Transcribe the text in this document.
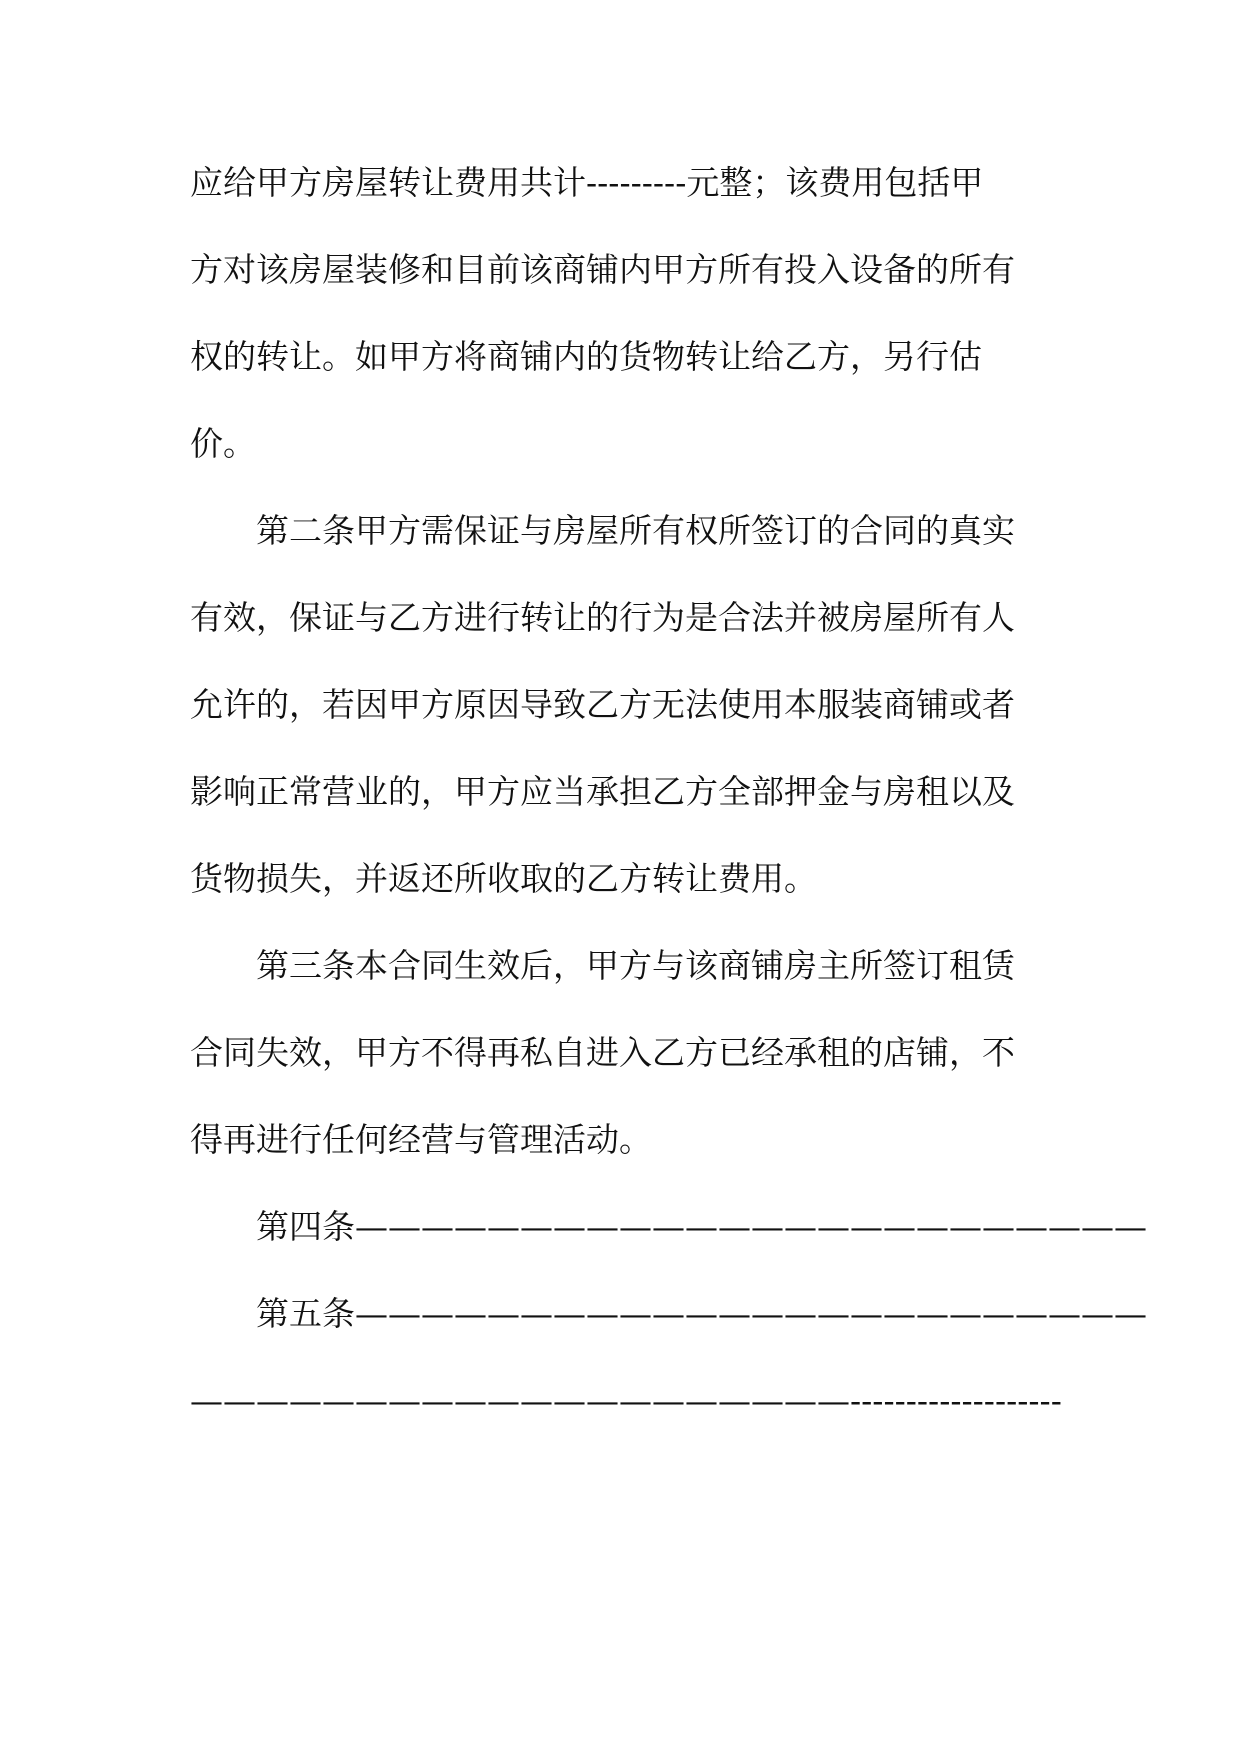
应给甲方房屋转让费用共计---------元整；该费用包括甲
方对该房屋装修和目前该商铺内甲方所有投入设备的所有
权的转让。如甲方将商铺内的货物转让给乙方，另行估
价。
第二条甲方需保证与房屋所有权所签订的合同的真实
有效，保证与乙方进行转让的行为是合法并被房屋所有人
允许的，若因甲方原因导致乙方无法使用本服装商铺或者
影响正常营业的，甲方应当承担乙方全部押金与房租以及
货物损失，并返还所收取的乙方转让费用。
第三条本合同生效后，甲方与该商铺房主所签订租赁
合同失效，甲方不得再私自进入乙方已经承租的店铺，不
得再进行任何经营与管理活动。
第四条————————————————————————
第五条————————————————————————
————————————————————-------------------
